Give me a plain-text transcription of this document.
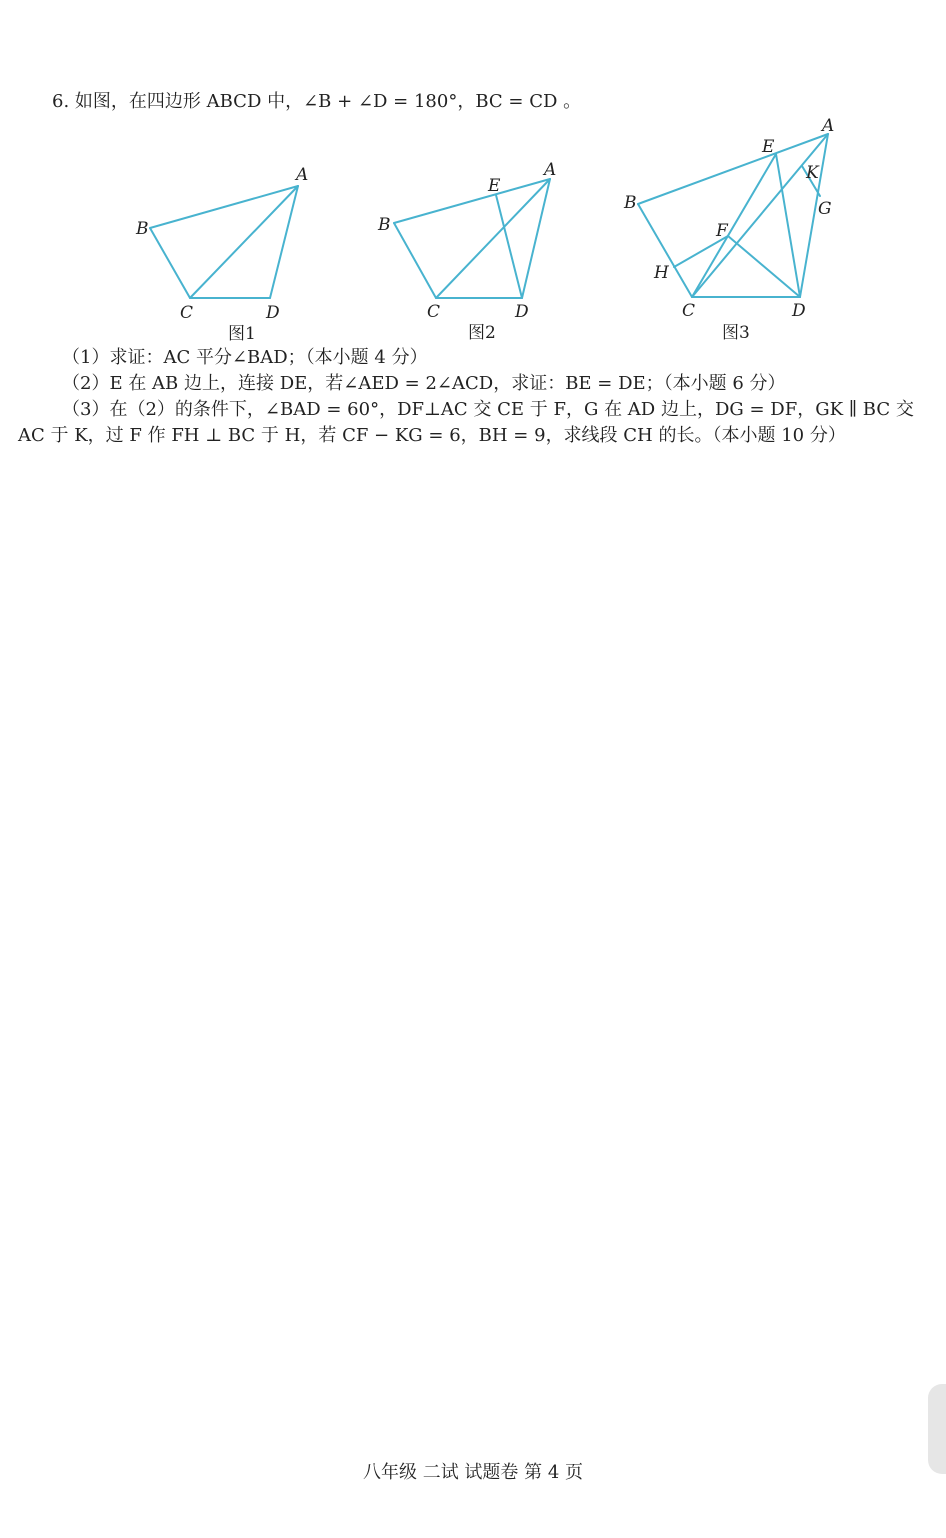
6. 如图，在四边形 ABCD 中，∠B + ∠D = 180°，BC = CD 。
A
B
C	D
图1
A
B
C	D
E
图2
A
B
C	D
E
F
G
H
K
图3
（1）求证：AC 平分∠BAD；（本小题 4 分）
（2）E 在 AB 边上，连接 DE，若∠AED = 2∠ACD，求证：BE = DE；（本小题 6 分）
（3）在（2）的条件下，∠BAD = 60°，DF⊥AC 交 CE 于 F，G 在 AD 边上，DG = DF，GK ∥ BC 交
AC 于 K，过 F 作 FH ⊥ BC 于 H，若 CF − KG = 6，BH = 9，求线段 CH 的长。（本小题 10 分）
八年级 二试 试题卷 第 4 页
